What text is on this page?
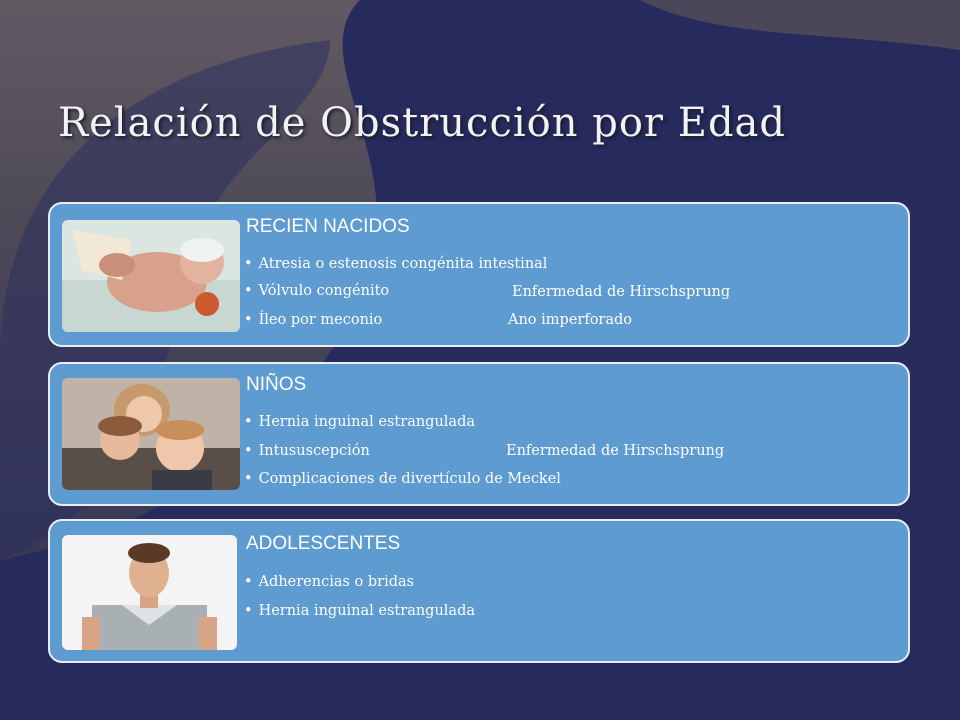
Relación de Obstrucción por Edad
RECIEN NACIDOS
• Atresia o estenosis congénita intestinal
• Vólvulo congénito
• Íleo por meconio
Enfermedad de Hirschsprung
Ano imperforado
NIÑOS
• Hernia inguinal estrangulada
• Intususcepción
• Complicaciones de divertículo de Meckel
Enfermedad de Hirschsprung
ADOLESCENTES
• Adherencias o bridas
• Hernia inguinal estrangulada
